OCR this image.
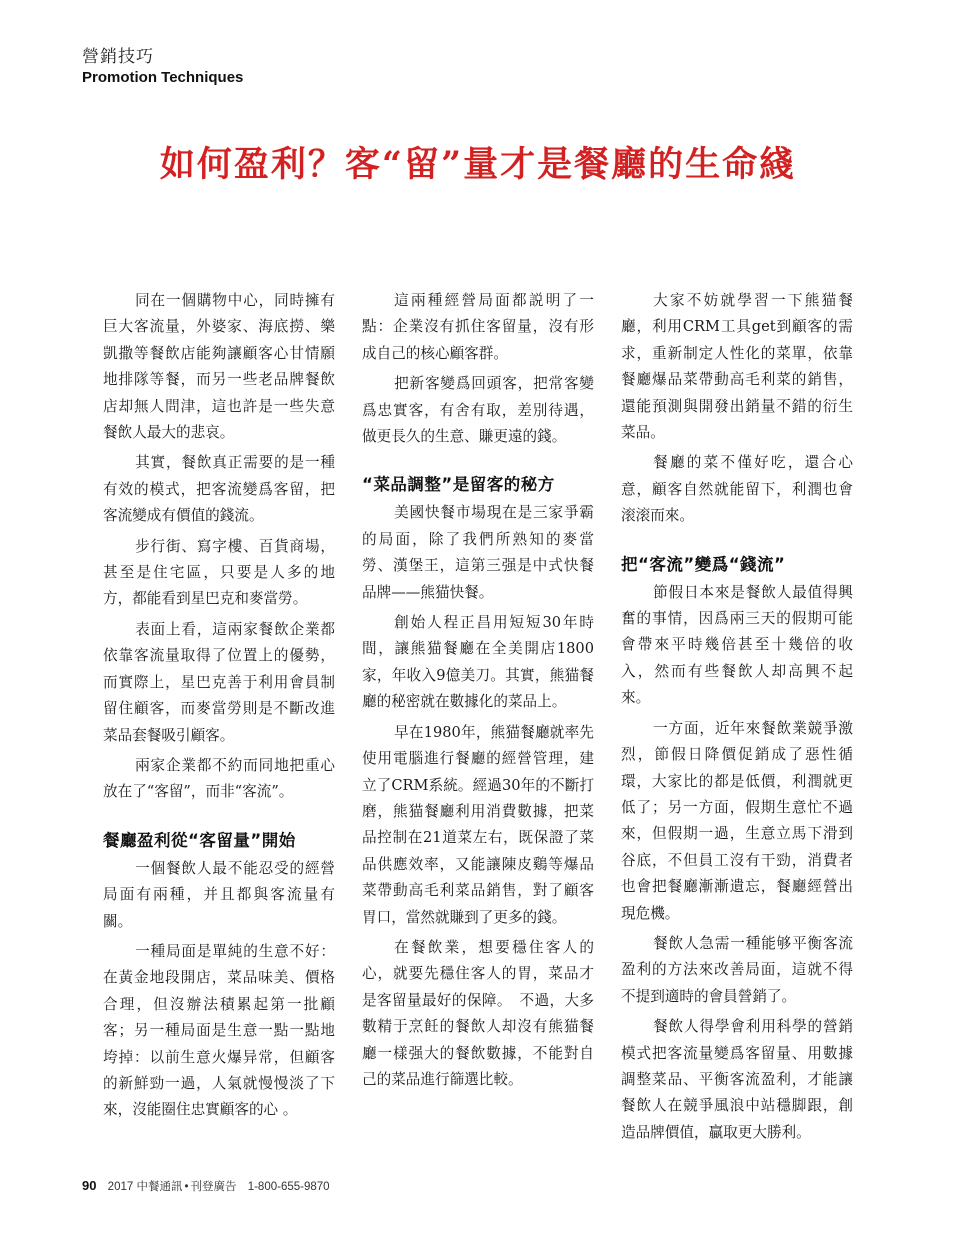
營銷技巧
Promotion Techniques
如何盈利？客“留”量才是餐廳的生命綫

同在一個購物中心，同時擁有巨大客流量，外婆家、海底撈、樂凱撒等餐飲店能夠讓顧客心甘情願地排隊等餐，而另一些老品牌餐飲店却無人問津，這也許是一些失意餐飲人最大的悲哀。

其實，餐飲真正需要的是一種有效的模式，把客流變爲客留，把客流變成有價值的錢流。

步行街、寫字樓、百貨商場，甚至是住宅區，只要是人多的地方，都能看到星巴克和麥當勞。

表面上看，這兩家餐飲企業都依靠客流量取得了位置上的優勢，而實際上，星巴克善于利用會員制留住顧客，而麥當勞則是不斷改進菜品套餐吸引顧客。

兩家企業都不約而同地把重心放在了“客留”，而非“客流”。

餐廳盈利從“客留量”開始

一個餐飲人最不能忍受的經營局面有兩種，并且都與客流量有關。

一種局面是單純的生意不好：在黃金地段開店，菜品味美、價格合理，但沒辦法積累起第一批顧客；另一種局面是生意一點一點地垮掉：以前生意火爆异常，但顧客的新鮮勁一過，人氣就慢慢淡了下來，沒能圈住忠實顧客的心 。

這兩種經營局面都説明了一點：企業沒有抓住客留量，沒有形成自己的核心顧客群。

把新客變爲回頭客，把常客變爲忠實客，有舍有取，差別待遇，做更長久的生意、賺更遠的錢。

“菜品調整”是留客的秘方

美國快餐市場現在是三家爭霸的局面，除了我們所熟知的麥當勞、漢堡王，這第三强是中式快餐品牌——熊猫快餐。

創始人程正昌用短短30年時間，讓熊猫餐廳在全美開店1800家，年收入9億美刀。其實，熊猫餐廳的秘密就在數據化的菜品上。

早在1980年，熊猫餐廳就率先使用電腦進行餐廳的經營管理，建立了CRM系統。經過30年的不斷打磨，熊猫餐廳利用消費數據，把菜品控制在21道菜左右，既保證了菜品供應效率，又能讓陳皮鷄等爆品菜帶動高毛利菜品銷售，對了顧客胃口，當然就賺到了更多的錢。

在餐飲業，想要穩住客人的心，就要先穩住客人的胃，菜品才是客留量最好的保障。　不過，大多數精于烹飪的餐飲人却沒有熊猫餐廳一樣强大的餐飲數據，不能對自己的菜品進行篩選比較。

大家不妨就學習一下熊猫餐廳，利用CRM工具get到顧客的需求，重新制定人性化的菜單，依靠餐廳爆品菜帶動高毛利菜的銷售，還能預測與開發出銷量不錯的衍生菜品。

餐廳的菜不僅好吃，還合心意，顧客自然就能留下，利潤也會滚滚而來。

把“客流”變爲“錢流”

節假日本來是餐飲人最值得興奮的事情，因爲兩三天的假期可能會帶來平時幾倍甚至十幾倍的收入，然而有些餐飲人却高興不起來。

一方面，近年來餐飲業競爭激烈，節假日降價促銷成了惡性循環，大家比的都是低價，利潤就更低了；另一方面，假期生意忙不過來，但假期一過，生意立馬下滑到谷底，不但員工沒有干勁，消費者也會把餐廳漸漸遺忘，餐廳經營出現危機。

餐飲人急需一種能够平衡客流盈利的方法來改善局面，這就不得不提到適時的會員營銷了。

餐飲人得學會利用科學的營銷模式把客流量變爲客留量、用數據調整菜品、平衡客流盈利，才能讓餐飲人在競爭風浪中站穩脚跟，創造品牌價值，贏取更大勝利。

90 2017 中餐通訊 • 刊登廣告 1-800-655-9870
